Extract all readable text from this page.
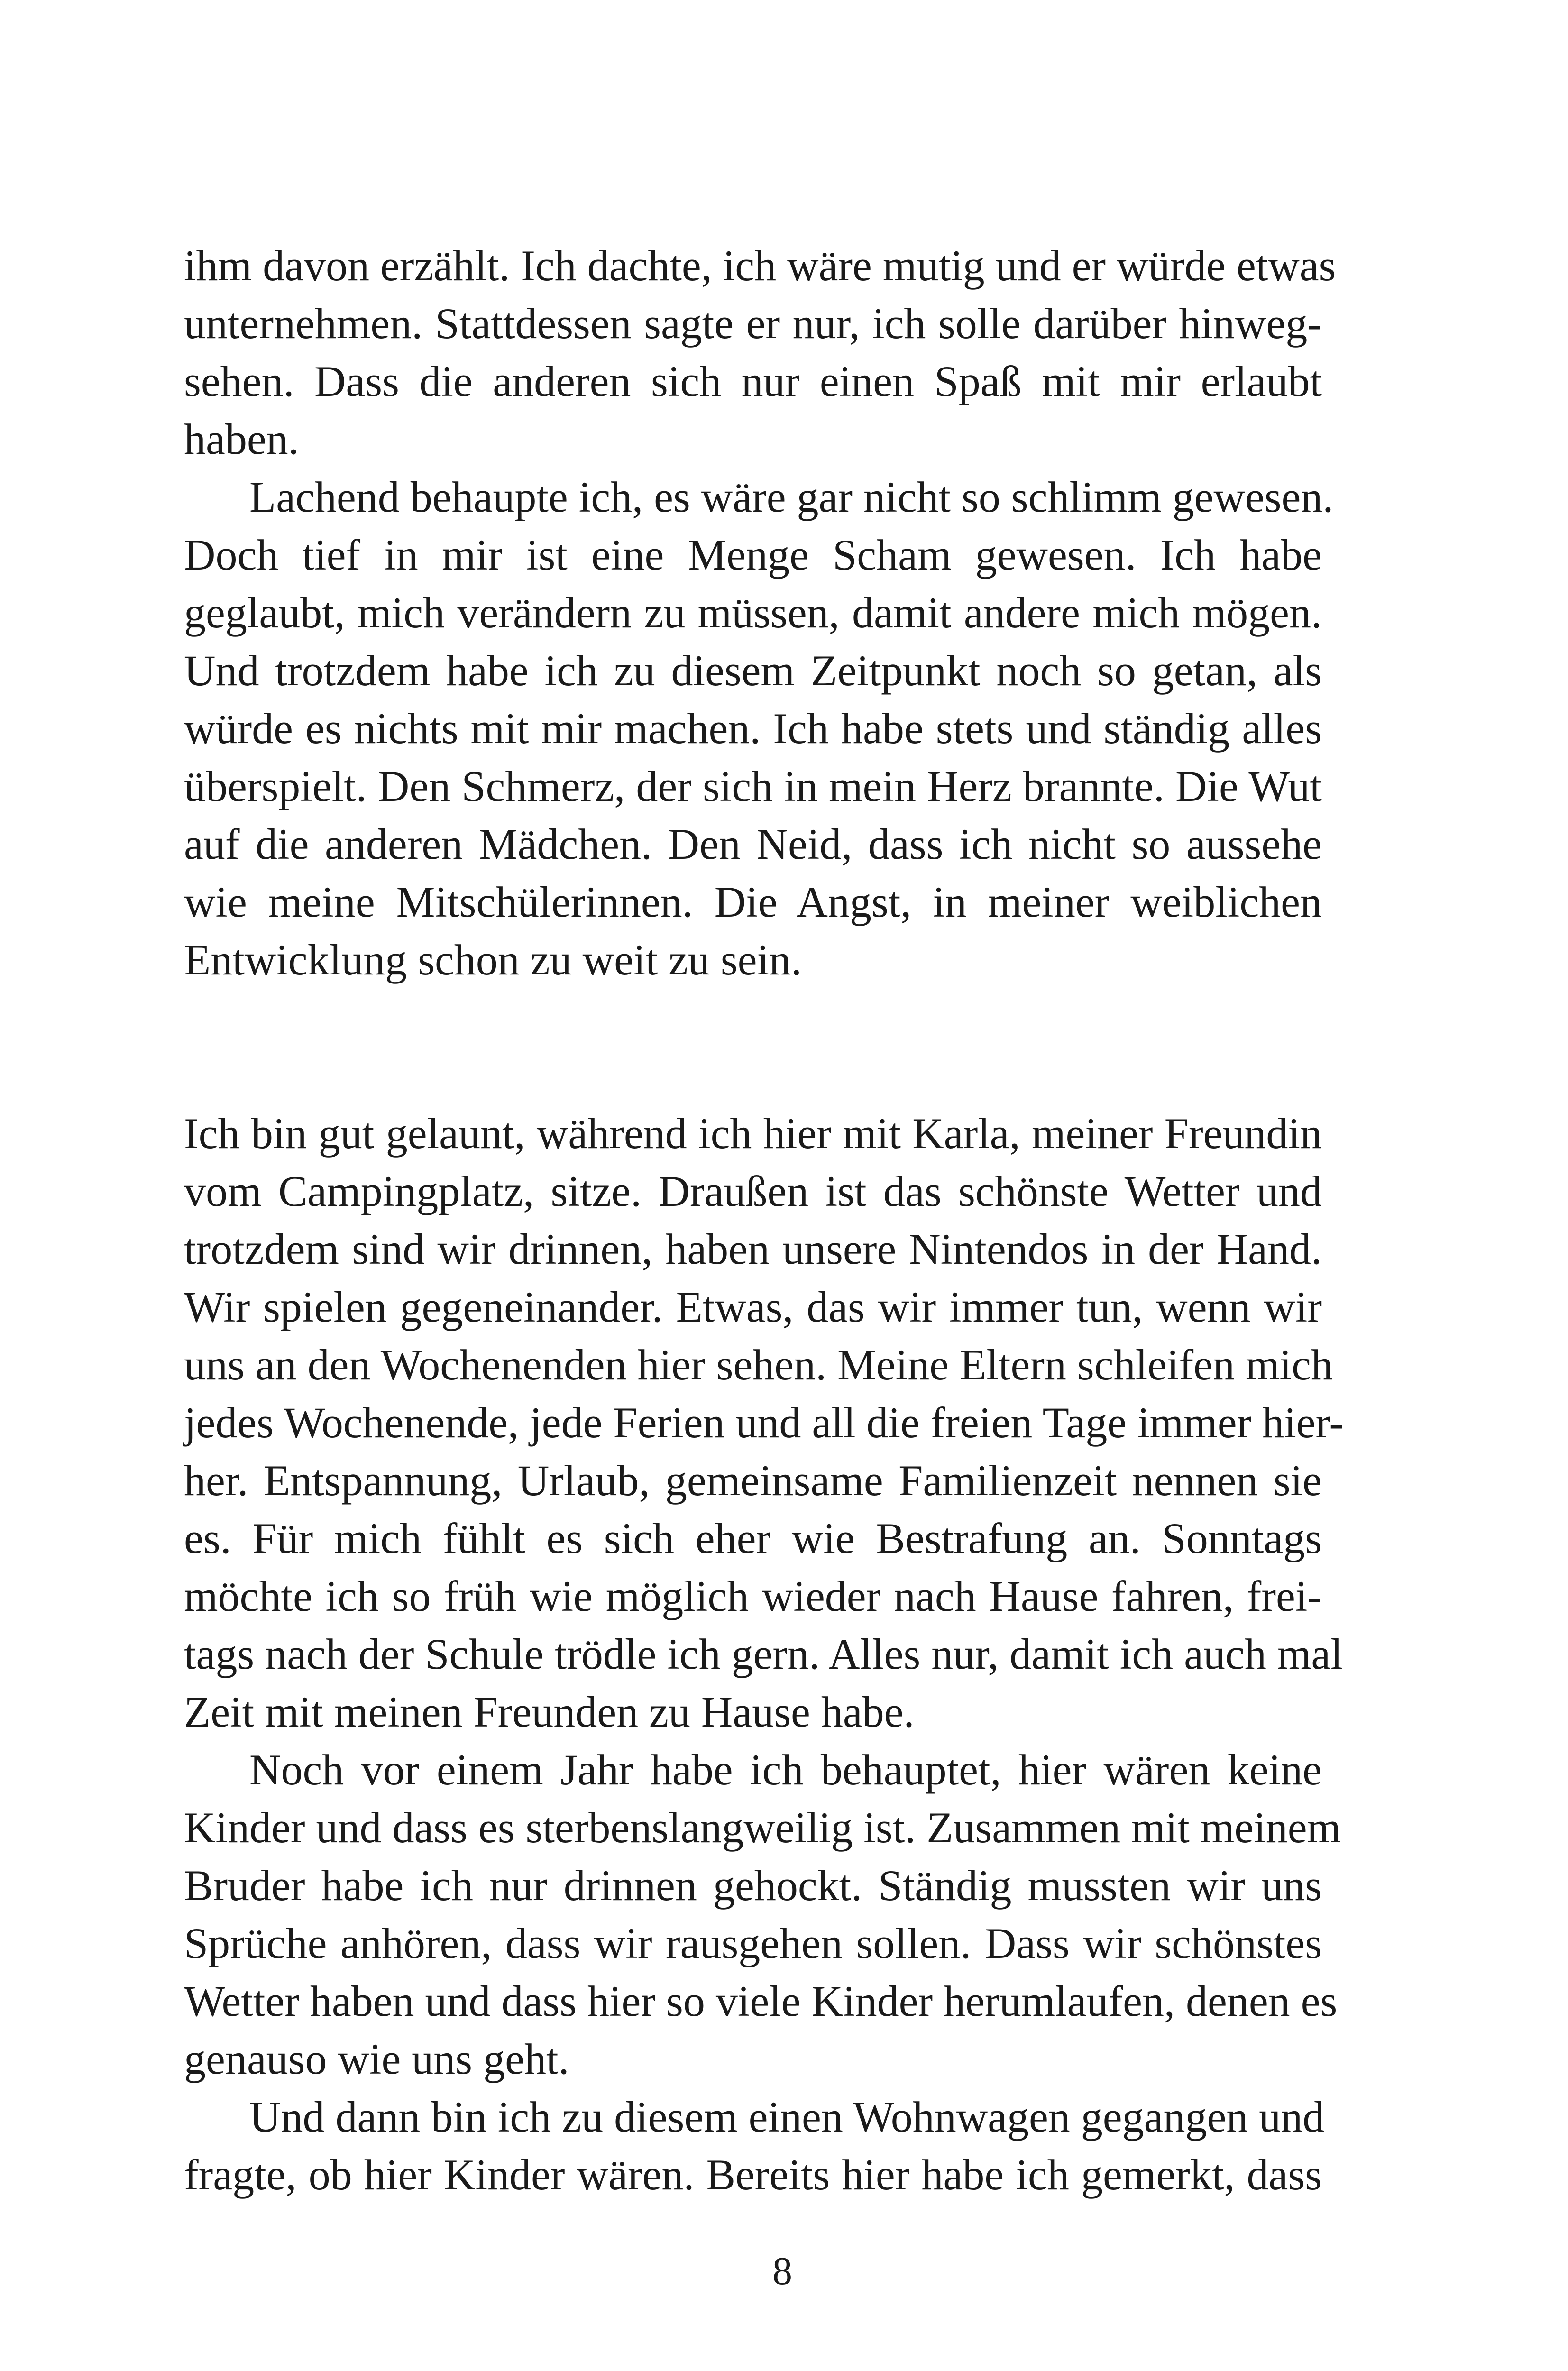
ihm davon erzählt. Ich dachte, ich wäre mutig und er würde etwas
unternehmen. Stattdessen sagte er nur, ich solle darüber hinweg-
sehen. Dass die anderen sich nur einen Spaß mit mir erlaubt
haben.
Lachend behaupte ich, es wäre gar nicht so schlimm gewesen.
Doch tief in mir ist eine Menge Scham gewesen. Ich habe
geglaubt, mich verändern zu müssen, damit andere mich mögen.
Und trotzdem habe ich zu diesem Zeitpunkt noch so getan, als
würde es nichts mit mir machen. Ich habe stets und ständig alles
überspielt. Den Schmerz, der sich in mein Herz brannte. Die Wut
auf die anderen Mädchen. Den Neid, dass ich nicht so aussehe
wie meine Mitschülerinnen. Die Angst, in meiner weiblichen
Entwicklung schon zu weit zu sein.
Ich bin gut gelaunt, während ich hier mit Karla, meiner Freundin
vom Campingplatz, sitze. Draußen ist das schönste Wetter und
trotzdem sind wir drinnen, haben unsere Nintendos in der Hand.
Wir spielen gegeneinander. Etwas, das wir immer tun, wenn wir
uns an den Wochenenden hier sehen. Meine Eltern schleifen mich
jedes Wochenende, jede Ferien und all die freien Tage immer hier-
her. Entspannung, Urlaub, gemeinsame Familienzeit nennen sie
es. Für mich fühlt es sich eher wie Bestrafung an. Sonntags
möchte ich so früh wie möglich wieder nach Hause fahren, frei-
tags nach der Schule trödle ich gern. Alles nur, damit ich auch mal
Zeit mit meinen Freunden zu Hause habe.
Noch vor einem Jahr habe ich behauptet, hier wären keine
Kinder und dass es sterbenslangweilig ist. Zusammen mit meinem
Bruder habe ich nur drinnen gehockt. Ständig mussten wir uns
Sprüche anhören, dass wir rausgehen sollen. Dass wir schönstes
Wetter haben und dass hier so viele Kinder herumlaufen, denen es
genauso wie uns geht.
Und dann bin ich zu diesem einen Wohnwagen gegangen und
fragte, ob hier Kinder wären. Bereits hier habe ich gemerkt, dass
8
